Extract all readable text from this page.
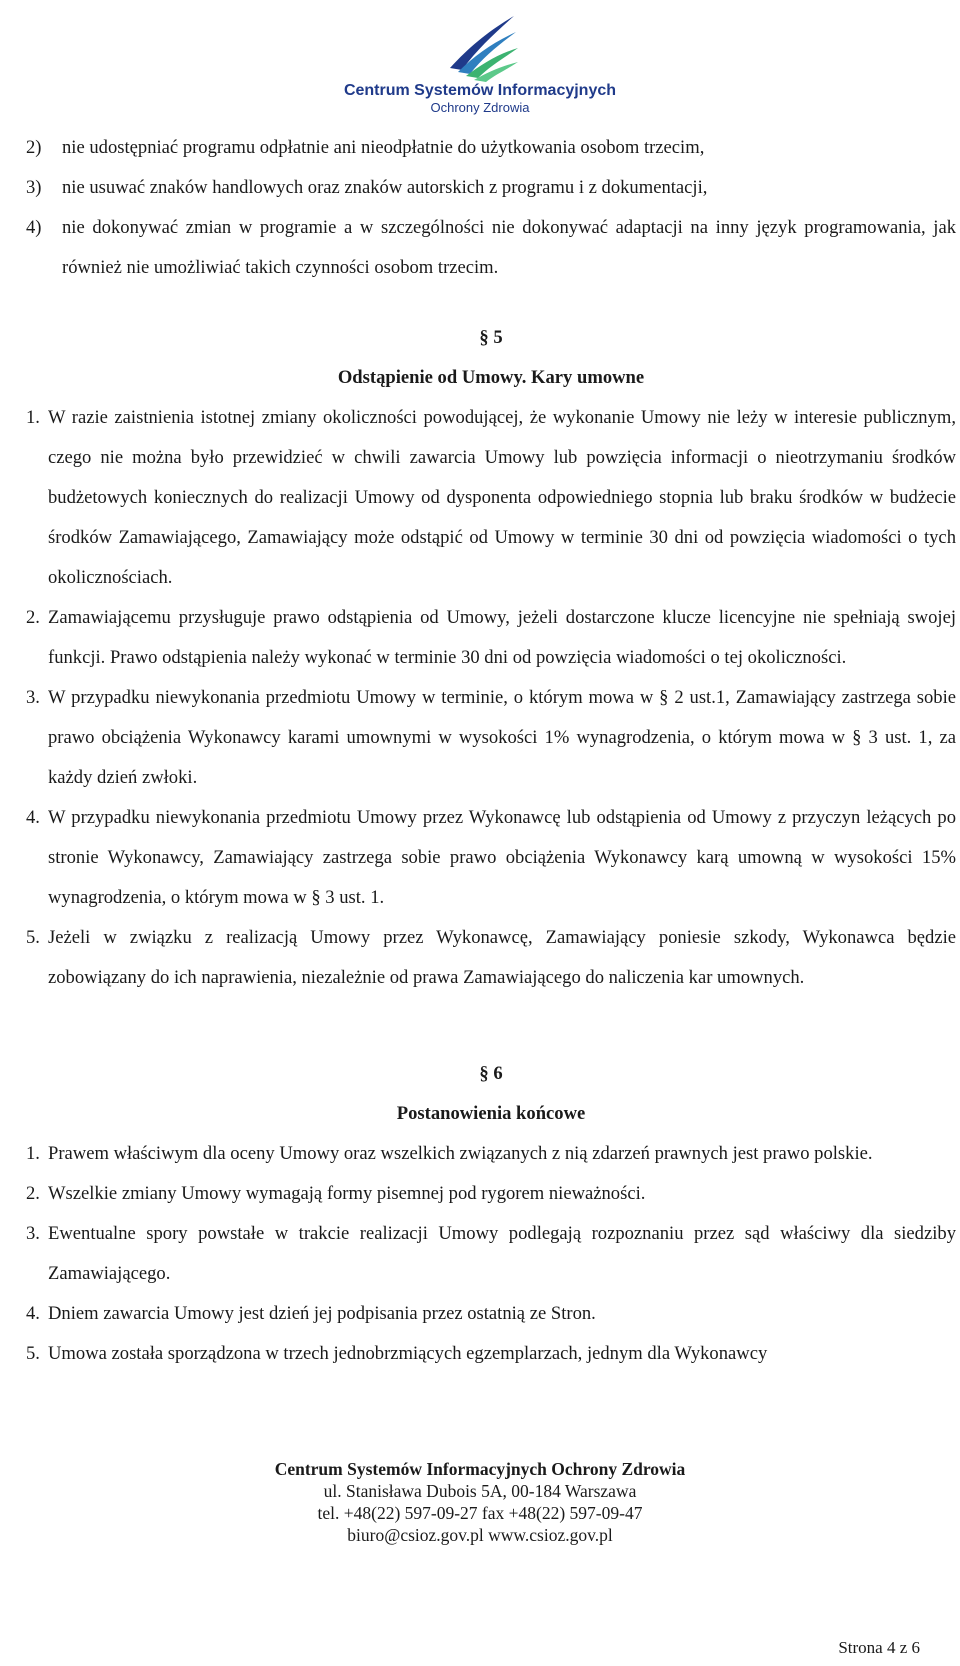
Centrum Systemów Informacyjnych
Ochrony Zdrowia
2)	nie udostępniać programu odpłatnie ani nieodpłatnie do użytkowania osobom trzecim,
3)	nie usuwać znaków handlowych oraz znaków autorskich z programu i z dokumentacji,
4)	nie dokonywać zmian w programie a w szczególności nie dokonywać adaptacji na inny język programowania, jak również nie umożliwiać takich czynności osobom trzecim.
§ 5
Odstąpienie od Umowy. Kary umowne
1. W razie zaistnienia istotnej zmiany okoliczności powodującej, że wykonanie Umowy nie leży w interesie publicznym, czego nie można było przewidzieć w chwili zawarcia Umowy lub powzięcia informacji o nieotrzymaniu środków budżetowych koniecznych do realizacji Umowy od dysponenta odpowiedniego stopnia lub braku środków w budżecie środków Zamawiającego, Zamawiający może odstąpić od Umowy w terminie 30 dni od powzięcia wiadomości o tych okolicznościach.
2. Zamawiającemu przysługuje prawo odstąpienia od Umowy, jeżeli dostarczone klucze licencyjne nie spełniają swojej funkcji. Prawo odstąpienia należy wykonać w terminie 30 dni od powzięcia wiadomości o tej okoliczności.
3. W przypadku niewykonania przedmiotu Umowy w terminie, o którym mowa w § 2 ust.1, Zamawiający zastrzega sobie prawo obciążenia Wykonawcy karami umownymi w wysokości 1% wynagrodzenia, o którym mowa w § 3 ust. 1, za każdy dzień zwłoki.
4. W przypadku niewykonania przedmiotu Umowy przez Wykonawcę lub odstąpienia od Umowy z przyczyn leżących po stronie Wykonawcy, Zamawiający zastrzega sobie prawo obciążenia Wykonawcy karą umowną w wysokości 15% wynagrodzenia, o którym mowa w § 3 ust. 1.
5. Jeżeli w związku z realizacją Umowy przez Wykonawcę, Zamawiający poniesie szkody, Wykonawca będzie zobowiązany do ich naprawienia, niezależnie od prawa Zamawiającego do naliczenia kar umownych.
§ 6
Postanowienia końcowe
1. Prawem właściwym dla oceny Umowy oraz wszelkich związanych z nią zdarzeń prawnych jest prawo polskie.
2. Wszelkie zmiany Umowy wymagają formy pisemnej pod rygorem nieważności.
3. Ewentualne spory powstałe w trakcie realizacji Umowy podlegają rozpoznaniu przez sąd właściwy dla siedziby Zamawiającego.
4. Dniem zawarcia Umowy jest dzień jej podpisania przez ostatnią ze Stron.
5. Umowa została sporządzona w trzech jednobrzmiących egzemplarzach, jednym dla Wykonawcy
Centrum Systemów Informacyjnych Ochrony Zdrowia
ul. Stanisława Dubois 5A, 00-184 Warszawa
tel. +48(22) 597-09-27 fax +48(22) 597-09-47
biuro@csioz.gov.pl www.csioz.gov.pl
Strona 4 z 6
